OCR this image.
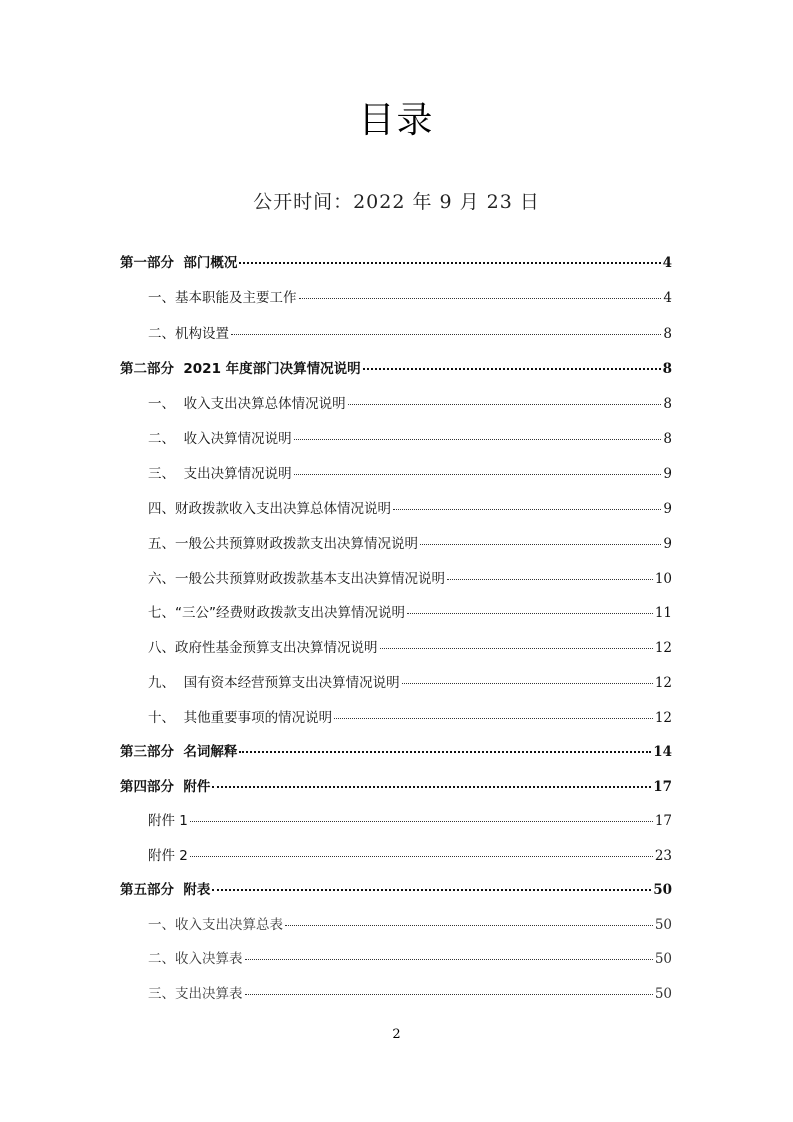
目录
公开时间：2022 年 9 月 23 日
第一部分  部门概况	4
一、基本职能及主要工作	4
二、机构设置	8
第二部分  2021 年度部门决算情况说明	8
一、  收入支出决算总体情况说明	8
二、  收入决算情况说明	8
三、  支出决算情况说明	9
四、财政拨款收入支出决算总体情况说明	9
五、一般公共预算财政拨款支出决算情况说明	9
六、一般公共预算财政拨款基本支出决算情况说明	10
七、“三公”经费财政拨款支出决算情况说明	11
八、政府性基金预算支出决算情况说明	12
九、  国有资本经营预算支出决算情况说明	12
十、  其他重要事项的情况说明	12
第三部分  名词解释	14
第四部分  附件	17
附件 1	17
附件 2	23
第五部分  附表	50
一、收入支出决算总表	50
二、收入决算表	50
三、支出决算表	50
2
